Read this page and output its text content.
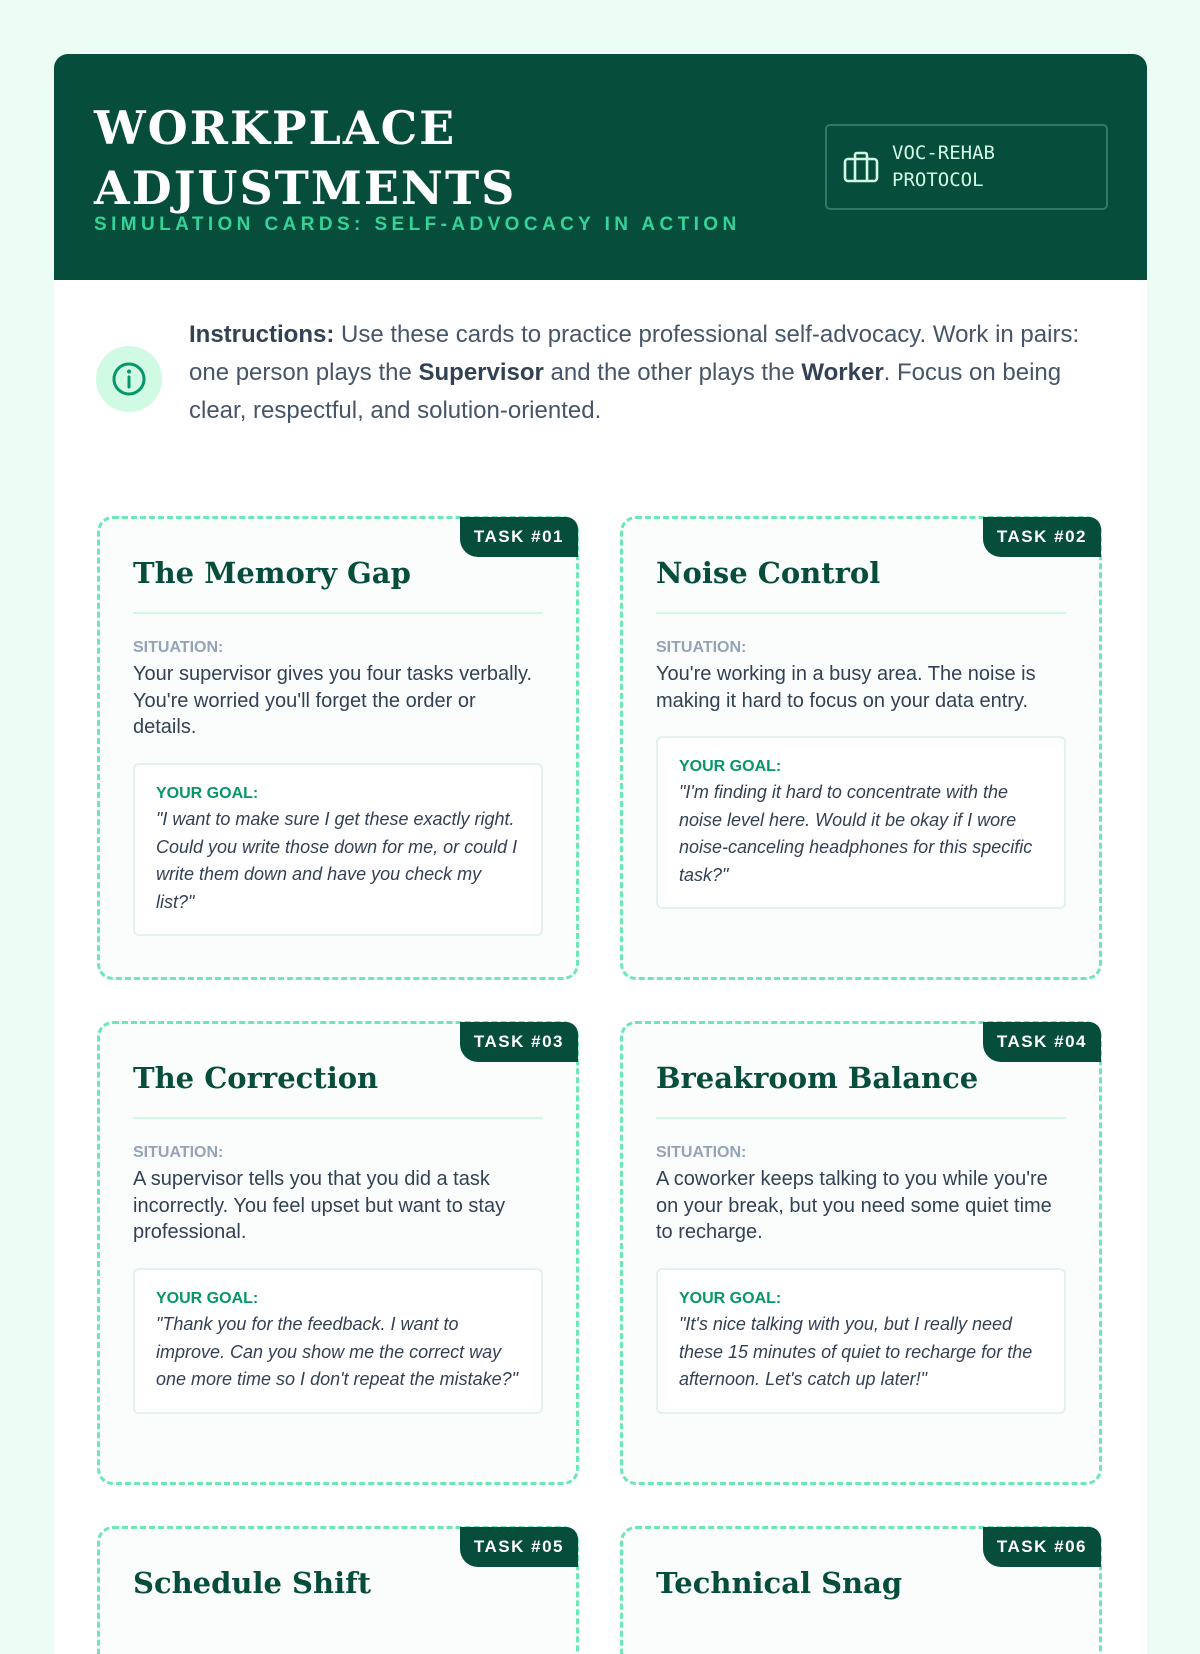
WORKPLACE
ADJUSTMENTS
SIMULATION CARDS: SELF-ADVOCACY IN ACTION
VOC-REHAB
PROTOCOL

Instructions: Use these cards to practice professional self-advocacy. Work in pairs: one person plays the Supervisor and the other plays the Worker. Focus on being clear, respectful, and solution-oriented.

TASK #01
The Memory Gap
SITUATION:
Your supervisor gives you four tasks verbally. You're worried you'll forget the order or details.
YOUR GOAL:
"I want to make sure I get these exactly right. Could you write those down for me, or could I write them down and have you check my list?"
TASK #02
Noise Control
SITUATION:
You're working in a busy area. The noise is making it hard to focus on your data entry.
YOUR GOAL:
"I'm finding it hard to concentrate with the noise level here. Would it be okay if I wore noise-canceling headphones for this specific task?"
TASK #03
The Correction
SITUATION:
A supervisor tells you that you did a task incorrectly. You feel upset but want to stay professional.
YOUR GOAL:
"Thank you for the feedback. I want to improve. Can you show me the correct way one more time so I don't repeat the mistake?"
TASK #04
Breakroom Balance
SITUATION:
A coworker keeps talking to you while you're on your break, but you need some quiet time to recharge.
YOUR GOAL:
"It's nice talking with you, but I really need these 15 minutes of quiet to recharge for the afternoon. Let's catch up later!"
TASK #05
Schedule Shift
TASK #06
Technical Snag
